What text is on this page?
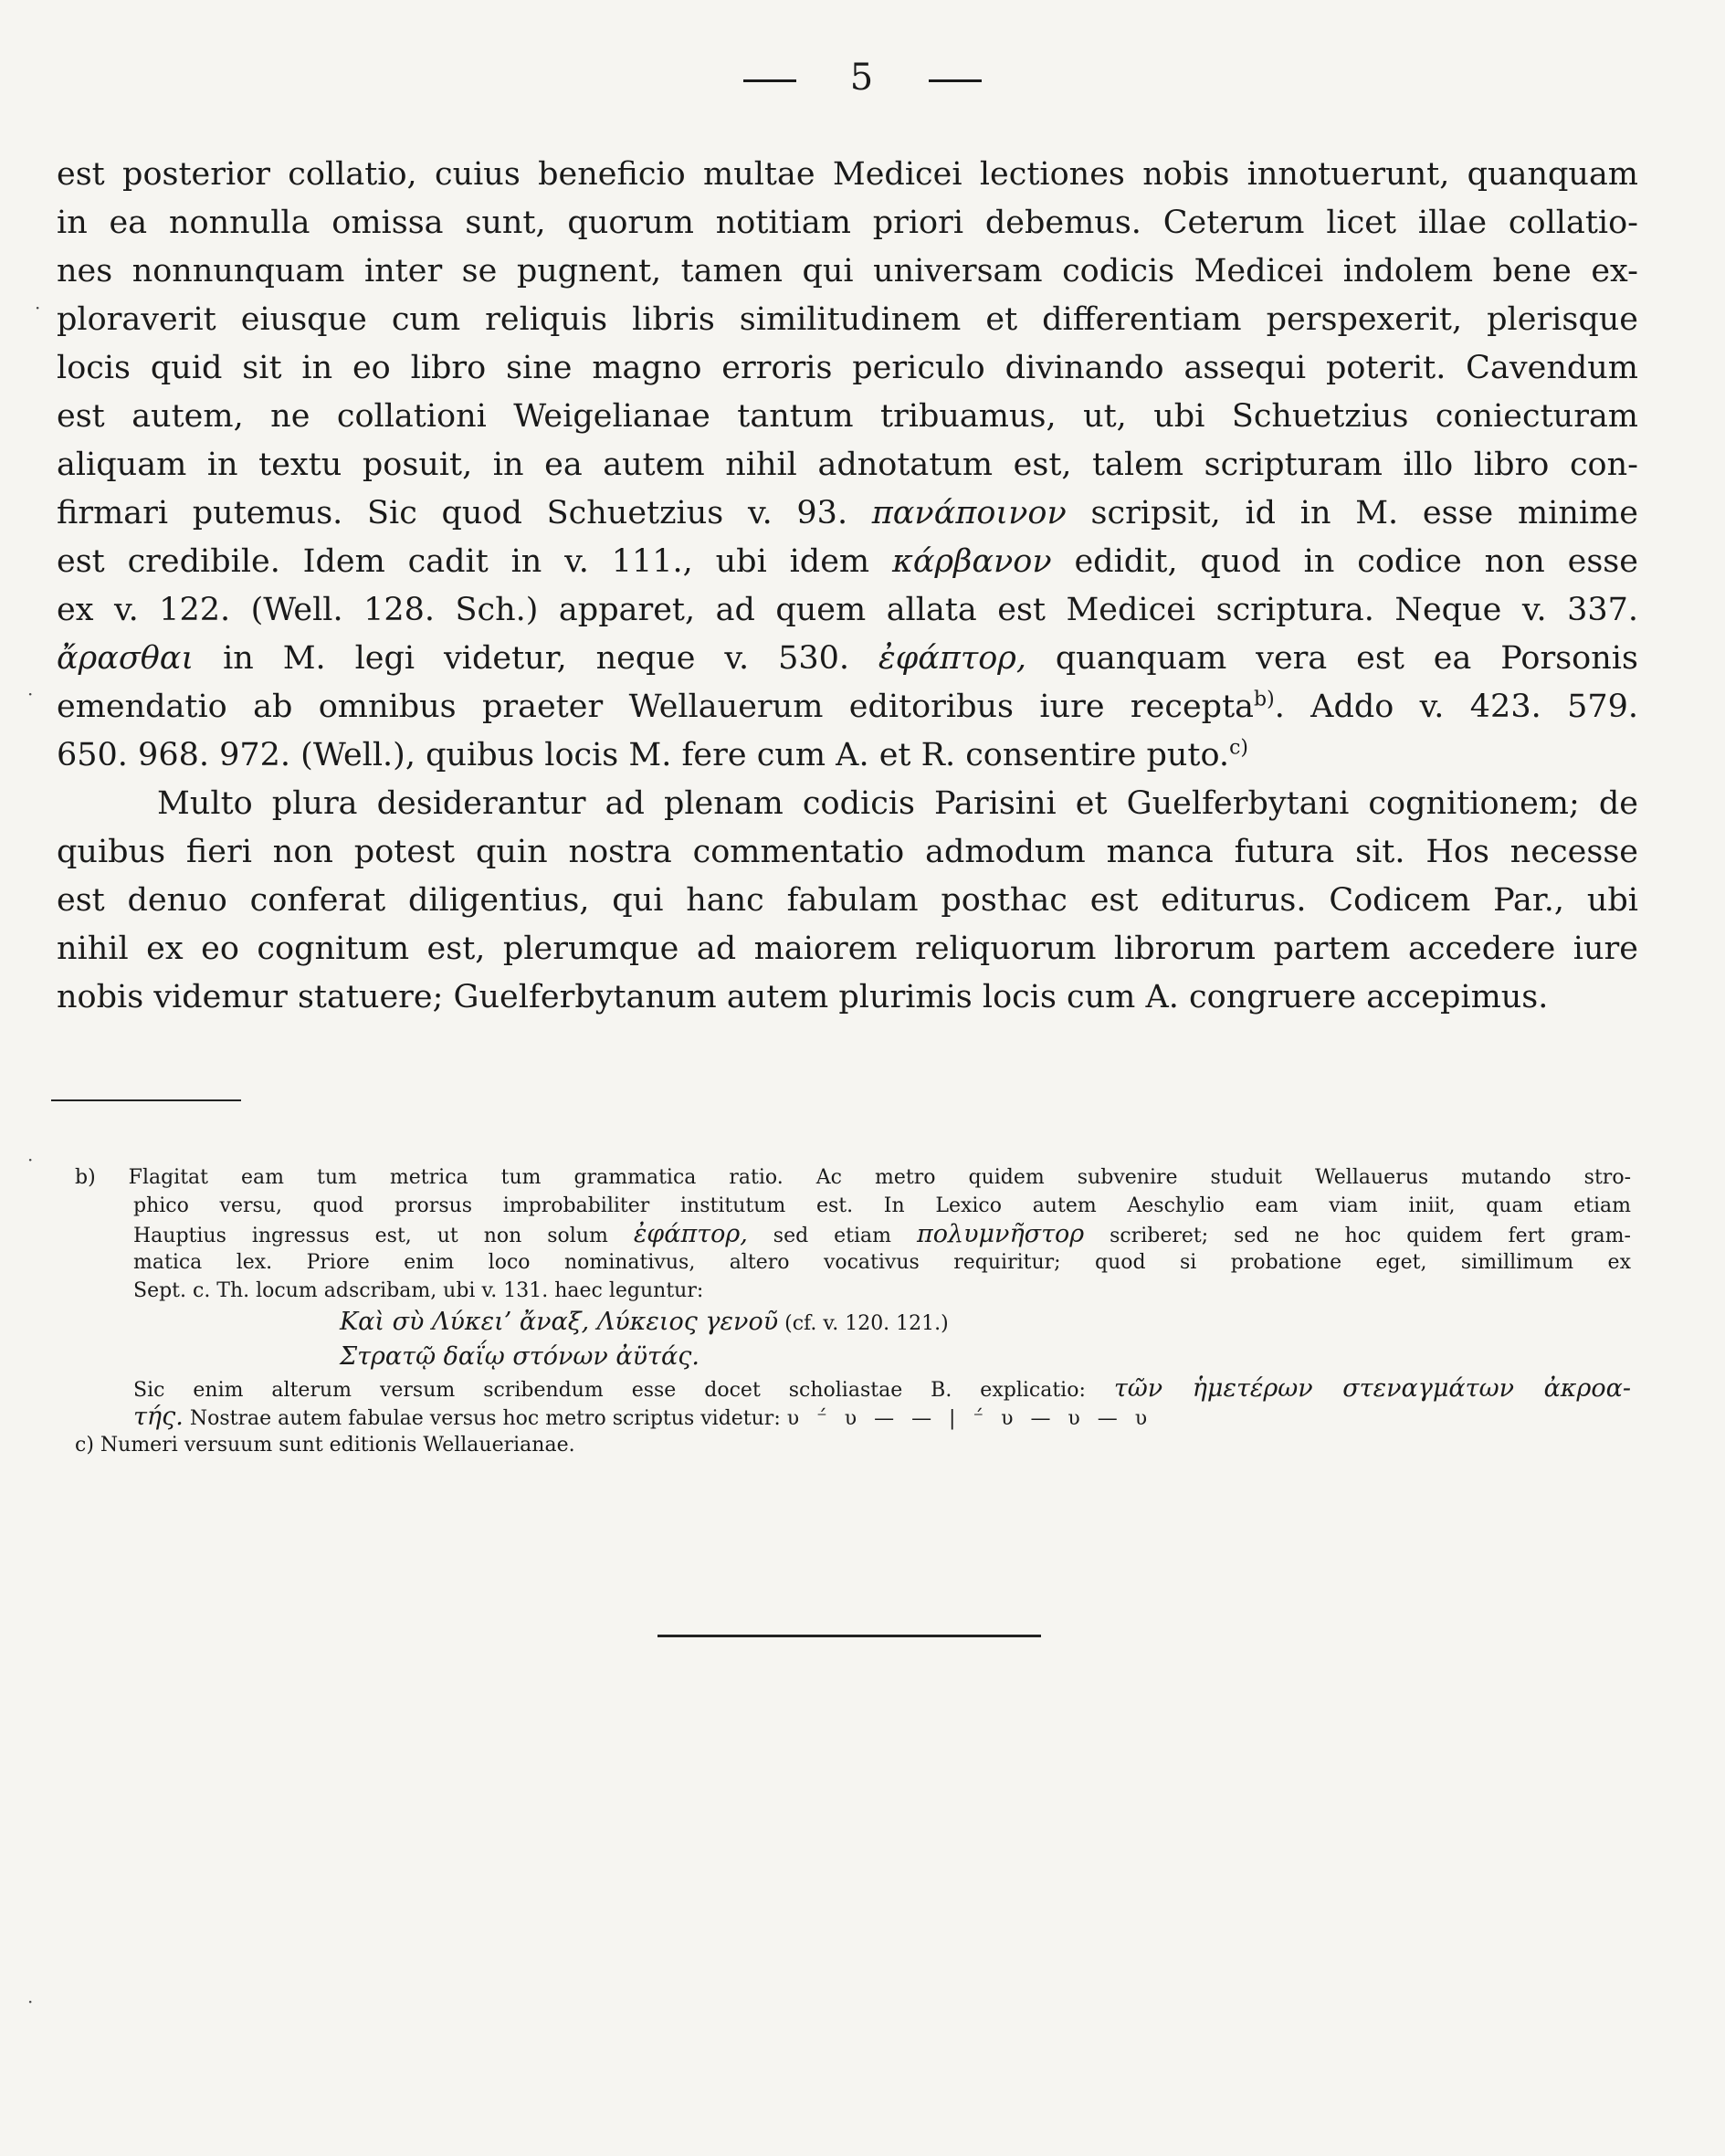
5
est posterior collatio, cuius beneficio multae Medicei lectiones nobis innotuerunt, quanquam
in ea nonnulla omissa sunt, quorum notitiam priori debemus. Ceterum licet illae collatio-
nes nonnunquam inter se pugnent, tamen qui universam codicis Medicei indolem bene ex-
ploraverit eiusque cum reliquis libris similitudinem et differentiam perspexerit, plerisque
locis quid sit in eo libro sine magno erroris periculo divinando assequi poterit. Cavendum
est autem, ne collationi Weigelianae tantum tribuamus, ut, ubi Schuetzius coniecturam
aliquam in textu posuit, in ea autem nihil adnotatum est, talem scripturam illo libro con-
firmari putemus. Sic quod Schuetzius v. 93. πανάποινον scripsit, id in M. esse minime
est credibile. Idem cadit in v. 111., ubi idem κάρβανον edidit, quod in codice non esse
ex v. 122. (Well. 128. Sch.) apparet, ad quem allata est Medicei scriptura. Neque v. 337.
ἄρασθαι in M. legi videtur, neque v. 530. ἐφάπτορ, quanquam vera est ea Porsonis
emendatio ab omnibus praeter Wellauerum editoribus iure recepta$^{b)}$. Addo v. 423. 579.
650. 968. 972. (Well.), quibus locis M. fere cum A. et R. consentire puto.$^{c)}$
Multo plura desiderantur ad plenam codicis Parisini et Guelferbytani cognitionem; de
quibus fieri non potest quin nostra commentatio admodum manca futura sit. Hos necesse
est denuo conferat diligentius, qui hanc fabulam posthac est editurus. Codicem Par., ubi
nihil ex eo cognitum est, plerumque ad maiorem reliquorum librorum partem accedere iure
nobis videmur statuere; Guelferbytanum autem plurimis locis cum A. congruere accepimus.
b) Flagitat eam tum metrica tum grammatica ratio. Ac metro quidem subvenire studuit Wellauerus mutando stro-
phico versu, quod prorsus improbabiliter institutum est. In Lexico autem Aeschylio eam viam iniit, quam etiam
Hauptius ingressus est, ut non solum ἐφάπτορ, sed etiam πολυμνῆστορ scriberet; sed ne hoc quidem fert gram-
matica lex. Priore enim loco nominativus, altero vocativus requiritur; quod si probatione eget, simillimum ex
Sept. c. Th. locum adscribam, ubi v. 131. haec leguntur:
Καὶ σὺ Λύκει’ ἄναξ, Λύκειος γενοῦ (cf. v. 120. 121.)
Στρατῷ δαΐῳ στόνων ἀϋτάς.
Sic enim alterum versum scribendum esse docet scholiastae B. explicatio: τῶν ἡμετέρων στεναγμάτων ἀκροα-
τής. Nostrae autem fabulae versus hoc metro scriptus videtur: υ ⁻́ υ — — | ⁻́ υ — υ — υ
c) Numeri versuum sunt editionis Wellauerianae.
·
·
·
·
